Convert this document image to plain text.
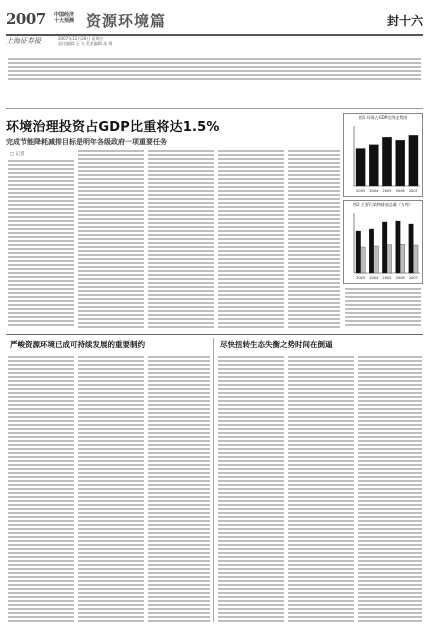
2007 中国经济
十大预测 资源环境篇	封十六
上海证券报	2007年12月28日 星期五
责任编辑:王 飞 美术编辑:朱 周
环境治理投资占GDP比重将达1.5%
完成节能降耗减排目标是明年各级政府一项重要任务
□ 记者
图1 环保占GDP比例走势图
2003 2004 2005 2006 2007
图2 主要污染物排放总量（万吨）
2003 2004 2005 2006 2007
严峻资源环境已成可持续发展的重要制约	尽快扭转生态失衡之势时间在倒逼
